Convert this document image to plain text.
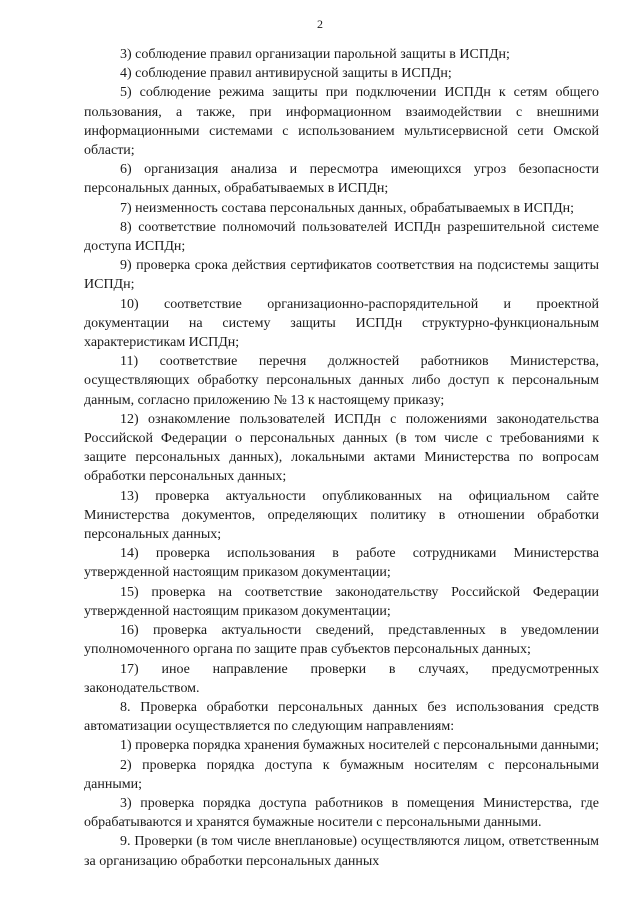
2

3) соблюдение правил организации парольной защиты в ИСПДн;

4) соблюдение правил антивирусной защиты в ИСПДн;

5) соблюдение режима защиты при подключении ИСПДн к сетям общего пользования, а также, при информационном взаимодействии с внешними информационными системами с использованием мультисервисной сети Омской области;

6) организация анализа и пересмотра имеющихся угроз безопасности персональных данных, обрабатываемых в ИСПДн;

7) неизменность состава персональных данных, обрабатываемых в ИСПДн;

8) соответствие полномочий пользователей ИСПДн разрешительной системе доступа ИСПДн;

9) проверка срока действия сертификатов соответствия на подсистемы защиты ИСПДн;

10) соответствие организационно-распорядительной и проектной документации на систему защиты ИСПДн структурно-функциональным характеристикам ИСПДн;

11) соответствие перечня должностей работников Министерства, осуществляющих обработку персональных данных либо доступ к персональным данным, согласно приложению № 13 к настоящему приказу;

12) ознакомление пользователей ИСПДн с положениями законодательства Российской Федерации о персональных данных (в том числе с требованиями к защите персональных данных), локальными актами Министерства по вопросам обработки персональных данных;

13) проверка актуальности опубликованных на официальном сайте Министерства документов, определяющих политику в отношении обработки персональных данных;

14) проверка использования в работе сотрудниками Министерства утвержденной настоящим приказом документации;

15) проверка на соответствие законодательству Российской Федерации утвержденной настоящим приказом документации;

16) проверка актуальности сведений, представленных в уведомлении уполномоченного органа по защите прав субъектов персональных данных;

17) иное направление проверки в случаях, предусмотренных законодательством.

8. Проверка обработки персональных данных без использования средств автоматизации осуществляется по следующим направлениям:

1) проверка порядка хранения бумажных носителей с персональными данными;

2) проверка порядка доступа к бумажным носителям с персональными данными;

3) проверка порядка доступа работников в помещения Министерства, где обрабатываются и хранятся бумажные носители с персональными данными.

9. Проверки (в том числе внеплановые) осуществляются лицом, ответственным за организацию обработки персональных данных
